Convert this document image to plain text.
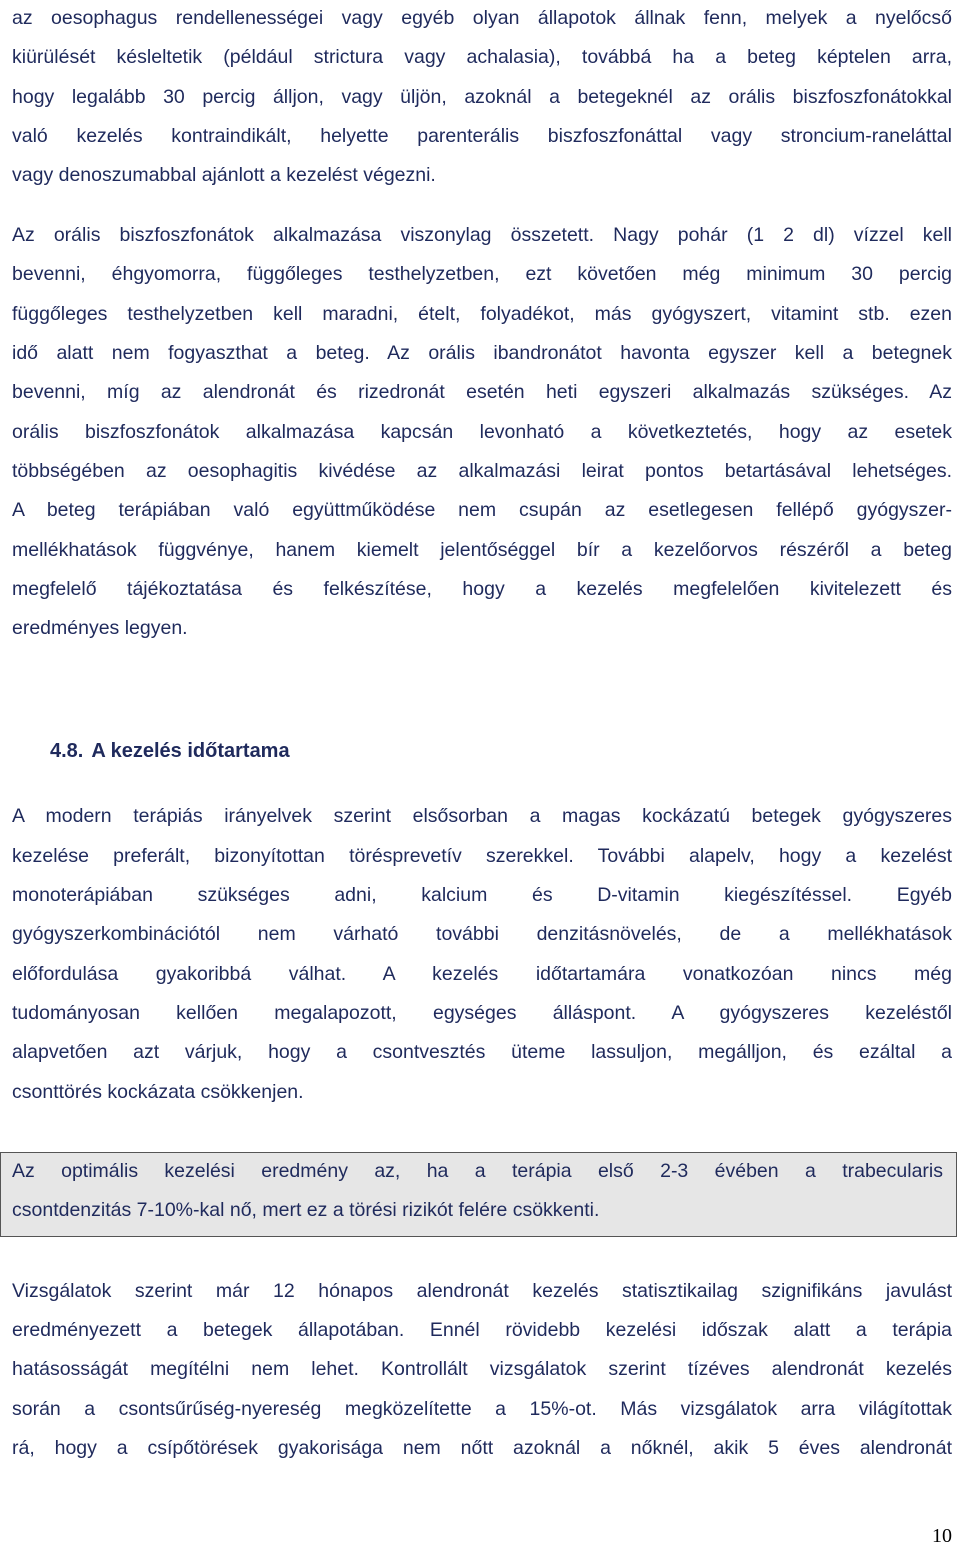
az oesophagus rendellenességei vagy egyéb olyan állapotok állnak fenn, melyek a nyelőcső
kiürülését késleltetik (például strictura vagy achalasia), továbbá ha a beteg képtelen arra,
hogy legalább 30 percig álljon, vagy üljön, azoknál a betegeknél az orális biszfoszfonátokkal
való kezelés kontraindikált, helyette parenterális biszfoszfonáttal vagy stroncium-raneláttal
vagy denoszumabbal ajánlott a kezelést végezni.
Az orális biszfoszfonátok alkalmazása viszonylag összetett. Nagy pohár (1 2 dl) vízzel kell
bevenni, éhgyomorra, függőleges testhelyzetben, ezt követően még minimum 30 percig
függőleges testhelyzetben kell maradni, ételt, folyadékot, más gyógyszert, vitamint stb. ezen
idő alatt nem fogyaszthat a beteg. Az orális ibandronátot havonta egyszer kell a betegnek
bevenni, míg az alendronát és rizedronát esetén heti egyszeri alkalmazás szükséges. Az
orális biszfoszfonátok alkalmazása kapcsán levonható a következtetés, hogy az esetek
többségében az oesophagitis kivédése az alkalmazási leirat pontos betartásával lehetséges.
A beteg terápiában való együttműködése nem csupán az esetlegesen fellépő gyógyszer-
mellékhatások függvénye, hanem kiemelt jelentőséggel bír a kezelőorvos részéről a beteg
megfelelő tájékoztatása és felkészítése, hogy a kezelés megfelelően kivitelezett és
eredményes legyen.
4.8. A kezelés időtartama
A modern terápiás irányelvek szerint elsősorban a magas kockázatú betegek gyógyszeres
kezelése preferált, bizonyítottan törésprevetív szerekkel. További alapelv, hogy a kezelést
monoterápiában szükséges adni, kalcium és D-vitamin kiegészítéssel. Egyéb
gyógyszerkombinációtól nem várható további denzitásnövelés, de a mellékhatások
előfordulása gyakoribbá válhat. A kezelés időtartamára vonatkozóan nincs még
tudományosan kellően megalapozott, egységes álláspont. A gyógyszeres kezeléstől
alapvetően azt várjuk, hogy a csontvesztés üteme lassuljon, megálljon, és ezáltal a
csonttörés kockázata csökkenjen.
Az optimális kezelési eredmény az, ha a terápia első 2-3 évében a trabecularis
csontdenzitás 7-10%-kal nő, mert ez a törési rizikót felére csökkenti.
Vizsgálatok szerint már 12 hónapos alendronát kezelés statisztikailag szignifikáns javulást
eredményezett a betegek állapotában. Ennél rövidebb kezelési időszak alatt a terápia
hatásosságát megítélni nem lehet. Kontrollált vizsgálatok szerint tízéves alendronát kezelés
során a csontsűrűség-nyereség megközelítette a 15%-ot. Más vizsgálatok arra világítottak
rá, hogy a csípőtörések gyakorisága nem nőtt azoknál a nőknél, akik 5 éves alendronát
10
